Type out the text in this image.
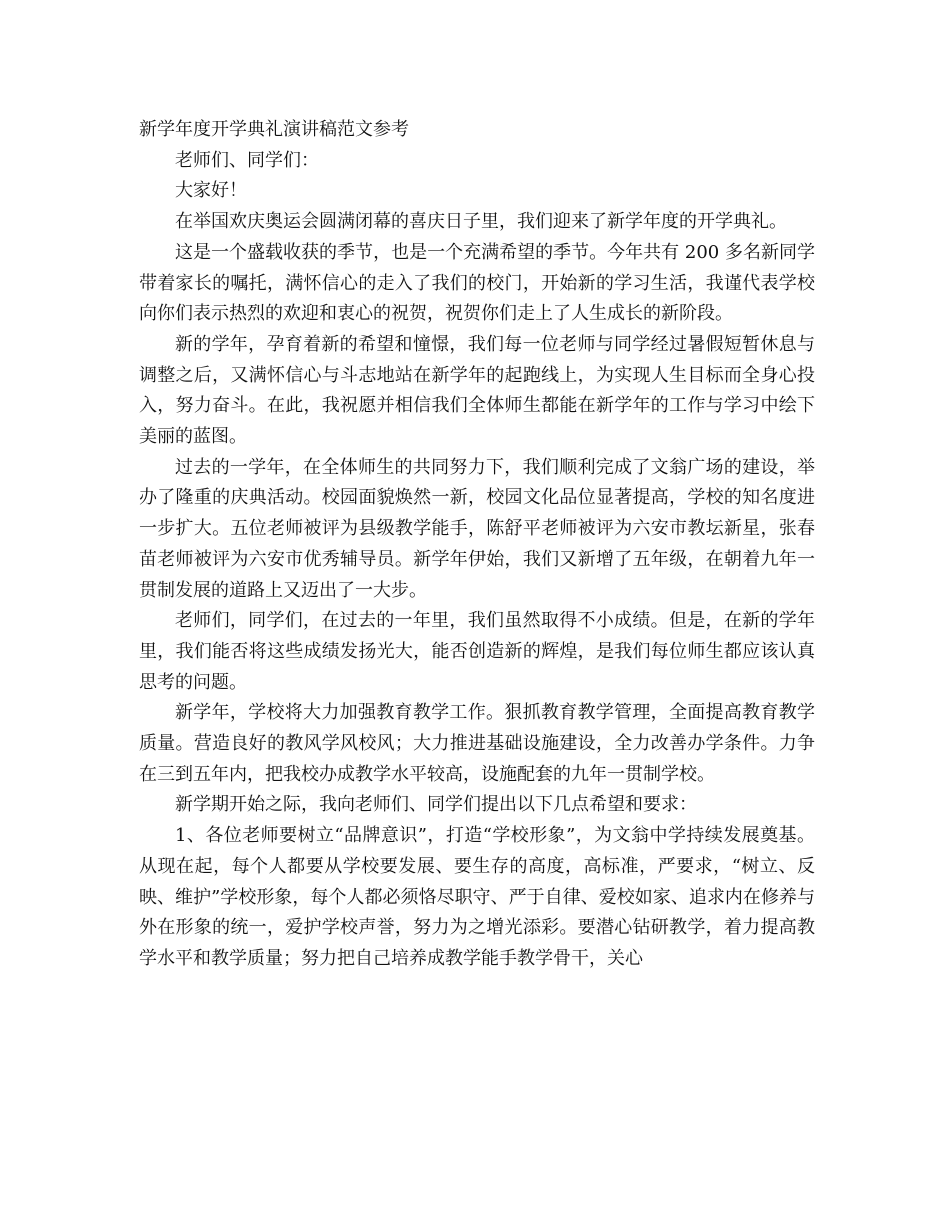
新学年度开学典礼演讲稿范文参考

老师们、同学们：

大家好！

在举国欢庆奥运会圆满闭幕的喜庆日子里，我们迎来了新学年度的开学典礼。

这是一个盛载收获的季节，也是一个充满希望的季节。今年共有 200 多名新同学带着家长的嘱托，满怀信心的走入了我们的校门，开始新的学习生活，我谨代表学校向你们表示热烈的欢迎和衷心的祝贺，祝贺你们走上了人生成长的新阶段。

新的学年，孕育着新的希望和憧憬，我们每一位老师与同学经过暑假短暂休息与调整之后，又满怀信心与斗志地站在新学年的起跑线上，为实现人生目标而全身心投入，努力奋斗。在此，我祝愿并相信我们全体师生都能在新学年的工作与学习中绘下美丽的蓝图。

过去的一学年，在全体师生的共同努力下，我们顺利完成了文翁广场的建设，举办了隆重的庆典活动。校园面貌焕然一新，校园文化品位显著提高，学校的知名度进一步扩大。五位老师被评为县级教学能手，陈舒平老师被评为六安市教坛新星，张春苗老师被评为六安市优秀辅导员。新学年伊始，我们又新增了五年级，在朝着九年一贯制发展的道路上又迈出了一大步。

老师们，同学们，在过去的一年里，我们虽然取得不小成绩。但是，在新的学年里，我们能否将这些成绩发扬光大，能否创造新的辉煌，是我们每位师生都应该认真思考的问题。

新学年，学校将大力加强教育教学工作。狠抓教育教学管理，全面提高教育教学质量。营造良好的教风学风校风；大力推进基础设施建设，全力改善办学条件。力争在三到五年内，把我校办成教学水平较高，设施配套的九年一贯制学校。

新学期开始之际，我向老师们、同学们提出以下几点希望和要求：

1、各位老师要树立“品牌意识”，打造“学校形象”，为文翁中学持续发展奠基。从现在起，每个人都要从学校要发展、要生存的高度，高标准，严要求，“树立、反映、维护”学校形象，每个人都必须恪尽职守、严于自律、爱校如家、追求内在修养与外在形象的统一，爱护学校声誉，努力为之增光添彩。要潜心钻研教学，着力提高教学水平和教学质量；努力把自己培养成教学能手教学骨干，关心
